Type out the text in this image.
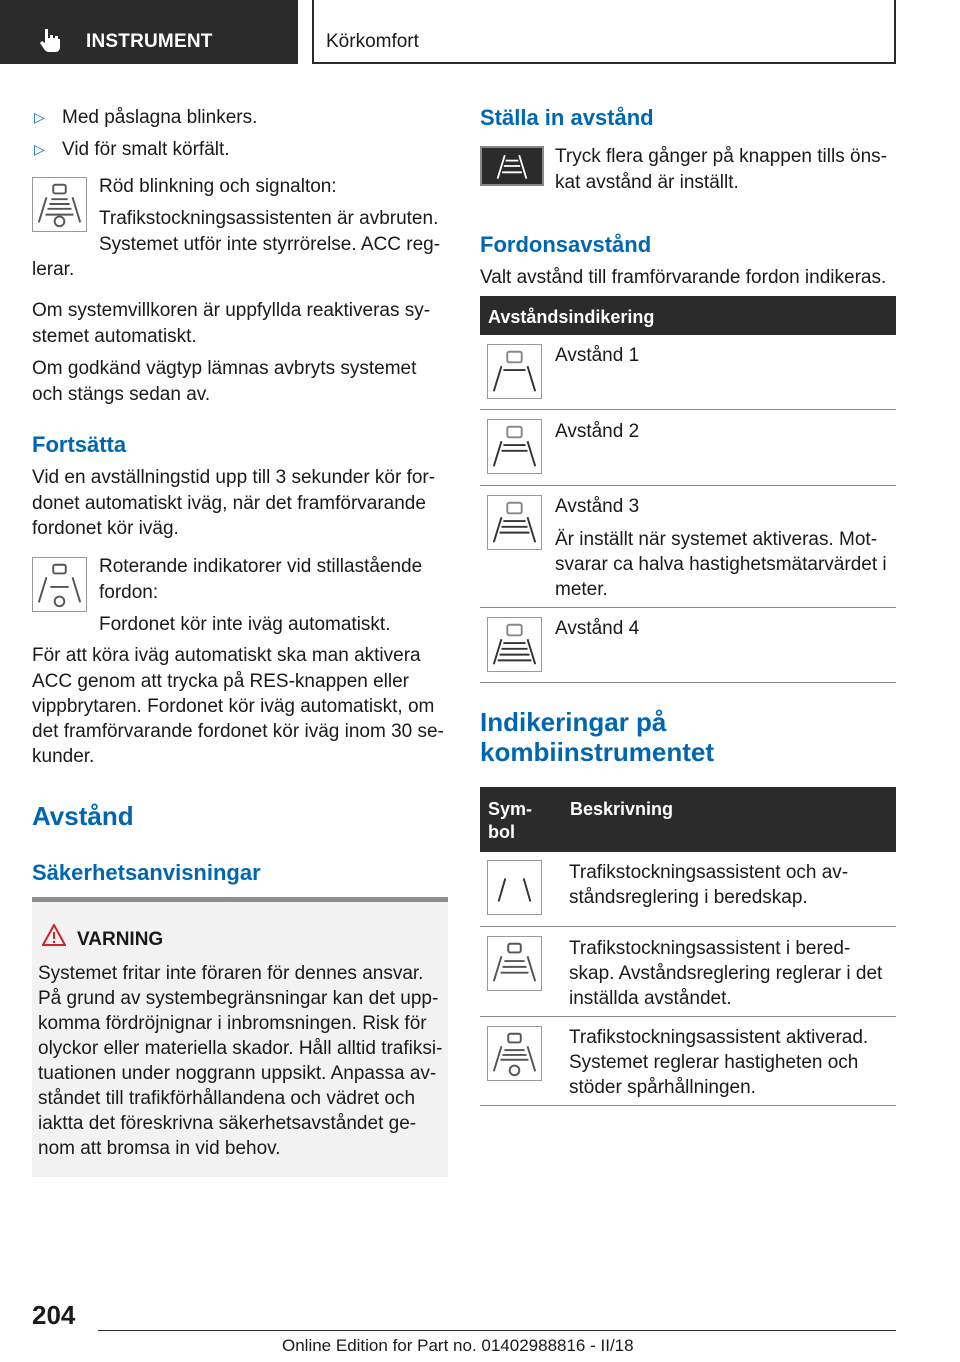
INSTRUMENT	Körkomfort
▷ Med påslagna blinkers.
▷ Vid för smalt körfält.
Röd blinkning och signalton:
Trafikstockningsassistenten är avbruten.
Systemet utför inte styrrörelse. ACC reg-
lerar.
Om systemvillkoren är uppfyllda reaktiveras sy-
stemet automatiskt.
Om godkänd vägtyp lämnas avbryts systemet
och stängs sedan av.
Fortsätta
Vid en avställningstid upp till 3 sekunder kör for-
donet automatiskt iväg, när det framförvarande
fordonet kör iväg.
Roterande indikatorer vid stillastående
fordon:
Fordonet kör inte iväg automatiskt.
För att köra iväg automatiskt ska man aktivera
ACC genom att trycka på RES-knappen eller
vippbrytaren. Fordonet kör iväg automatiskt, om
det framförvarande fordonet kör iväg inom 30 se-
kunder.
Avstånd
Säkerhetsanvisningar
VARNING
Systemet fritar inte föraren för dennes ansvar.
På grund av systembegränsningar kan det upp-
komma fördröjnignar i inbromsningen. Risk för
olyckor eller materiella skador. Håll alltid trafiksi-
tuationen under noggrann uppsikt. Anpassa av-
ståndet till trafikförhållandena och vädret och
iaktta det föreskrivna säkerhetsavståndet ge-
nom att bromsa in vid behov.
Ställa in avstånd
Tryck flera gånger på knappen tills öns-
kat avstånd är inställt.
Fordonsavstånd
Valt avstånd till framförvarande fordon indikeras.
Avståndsindikering
Avstånd 1
Avstånd 2
Avstånd 3
Är inställt när systemet aktiveras. Mot-
svarar ca halva hastighetsmätarvärdet i
meter.
Avstånd 4
Indikeringar på
kombiinstrumentet
Sym-
bol
Beskrivning
Trafikstockningsassistent och av-
ståndsreglering i beredskap.
Trafikstockningsassistent i bered-
skap. Avståndsreglering reglerar i det
inställda avståndet.
Trafikstockningsassistent aktiverad.
Systemet reglerar hastigheten och
stöder spårhållningen.
204
Online Edition for Part no. 01402988816 - II/18
